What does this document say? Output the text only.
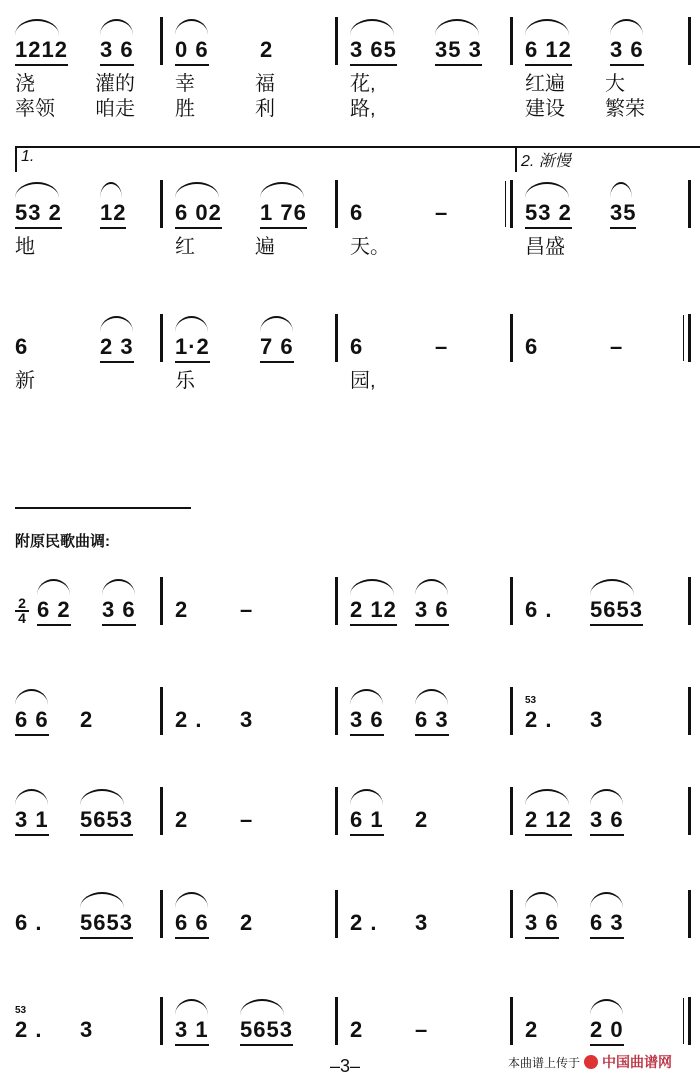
附原民歌曲调:
–3–	本曲谱上传于 中国曲谱网
1212 3 6 0 6 2	3 65 35 3 6 12 3 6
浇	灌的 幸	福	花,	红遍 大
率领 咱走 胜	利	路,	建设 繁荣
53 2 12 6 02 1 76 6	–	53 2 35
1.	2. 渐慢
地	红	遍	天。	昌盛
6	2 3 1·2 7 6	6	–	6	–
新	乐	园,
6 2 3 6 2 –	2 12 3 6	6 . 5653
2
4
6 6 2	2 . 3	3 6 6 3	2 . 3
53
3 1 5653 2 –	6 1 2	2 12 3 6
6 . 5653 6 6 2	2 . 3	3 6 6 3
2 . 3	3 1 5653	2 –	2 2 0
53
